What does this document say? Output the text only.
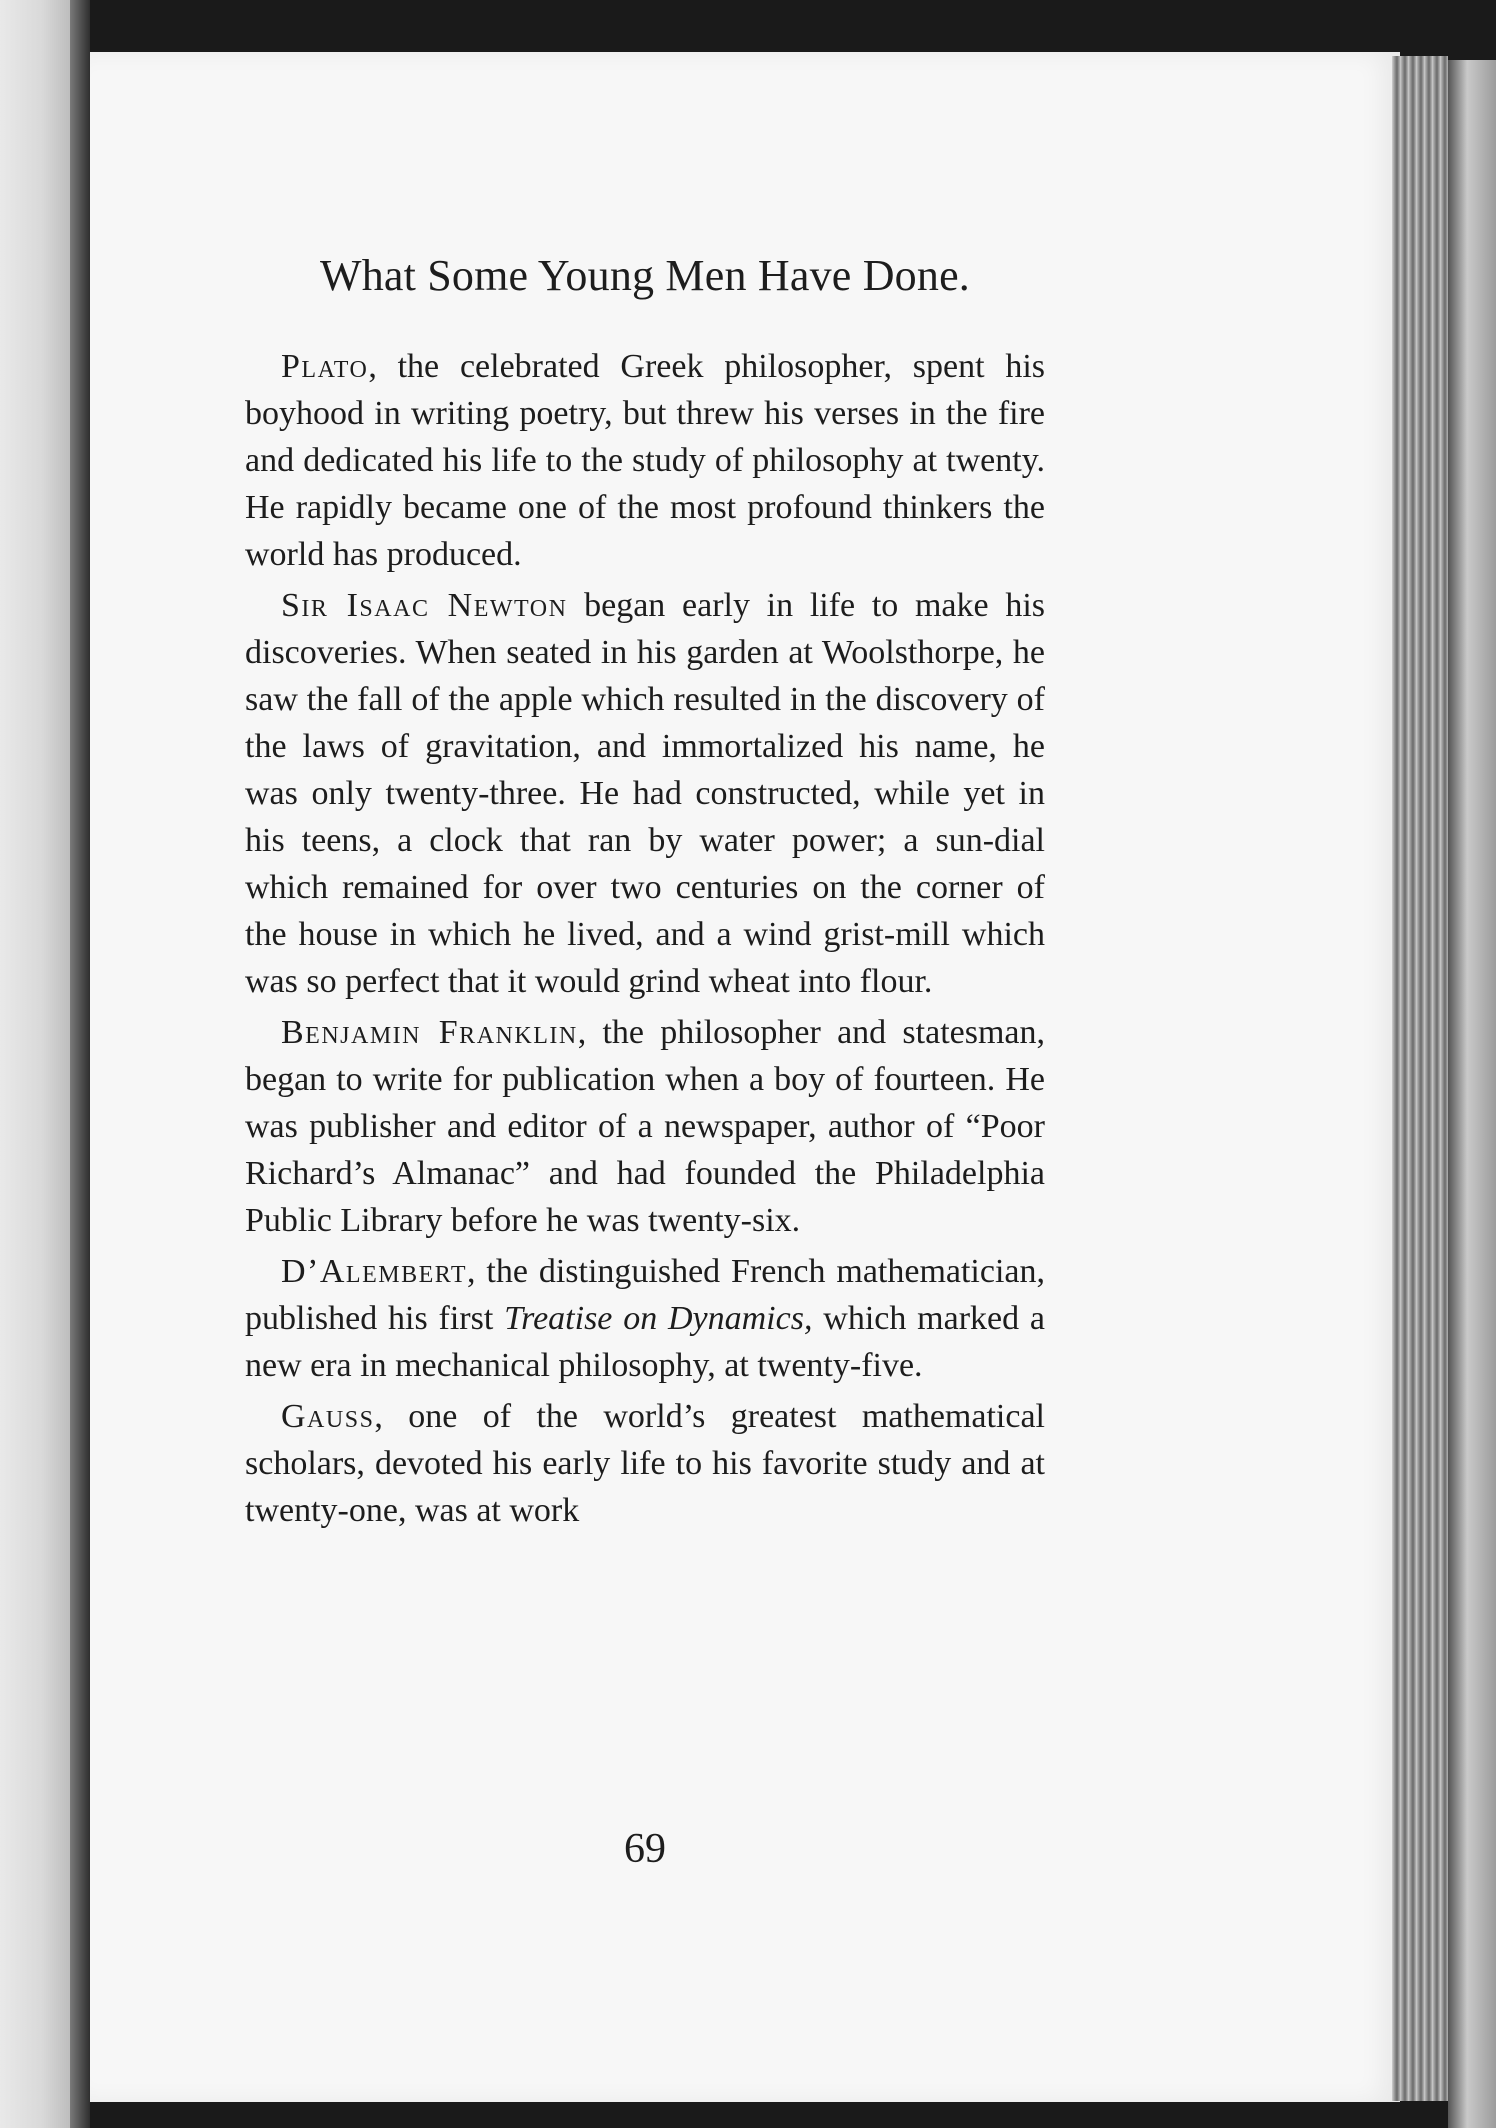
What Some Young Men Have Done.

Plato, the celebrated Greek philosopher, spent his boyhood in writing poetry, but threw his verses in the fire and dedicated his life to the study of philosophy at twenty. He rapidly became one of the most profound thinkers the world has produced.

Sir Isaac Newton began early in life to make his discoveries. When seated in his garden at Woolsthorpe, he saw the fall of the apple which resulted in the discovery of the laws of gravitation, and immortalized his name, he was only twenty-three. He had constructed, while yet in his teens, a clock that ran by water power; a sun-dial which remained for over two centuries on the corner of the house in which he lived, and a wind grist-mill which was so perfect that it would grind wheat into flour.

Benjamin Franklin, the philosopher and statesman, began to write for publication when a boy of fourteen. He was publisher and editor of a newspaper, author of “Poor Richard’s Almanac” and had founded the Philadelphia Public Library before he was twenty-six.

D’Alembert, the distinguished French mathematician, published his first Treatise on Dynamics, which marked a new era in mechanical philosophy, at twenty-five.

Gauss, one of the world’s greatest mathematical scholars, devoted his early life to his favorite study and at twenty-one, was at work

69
